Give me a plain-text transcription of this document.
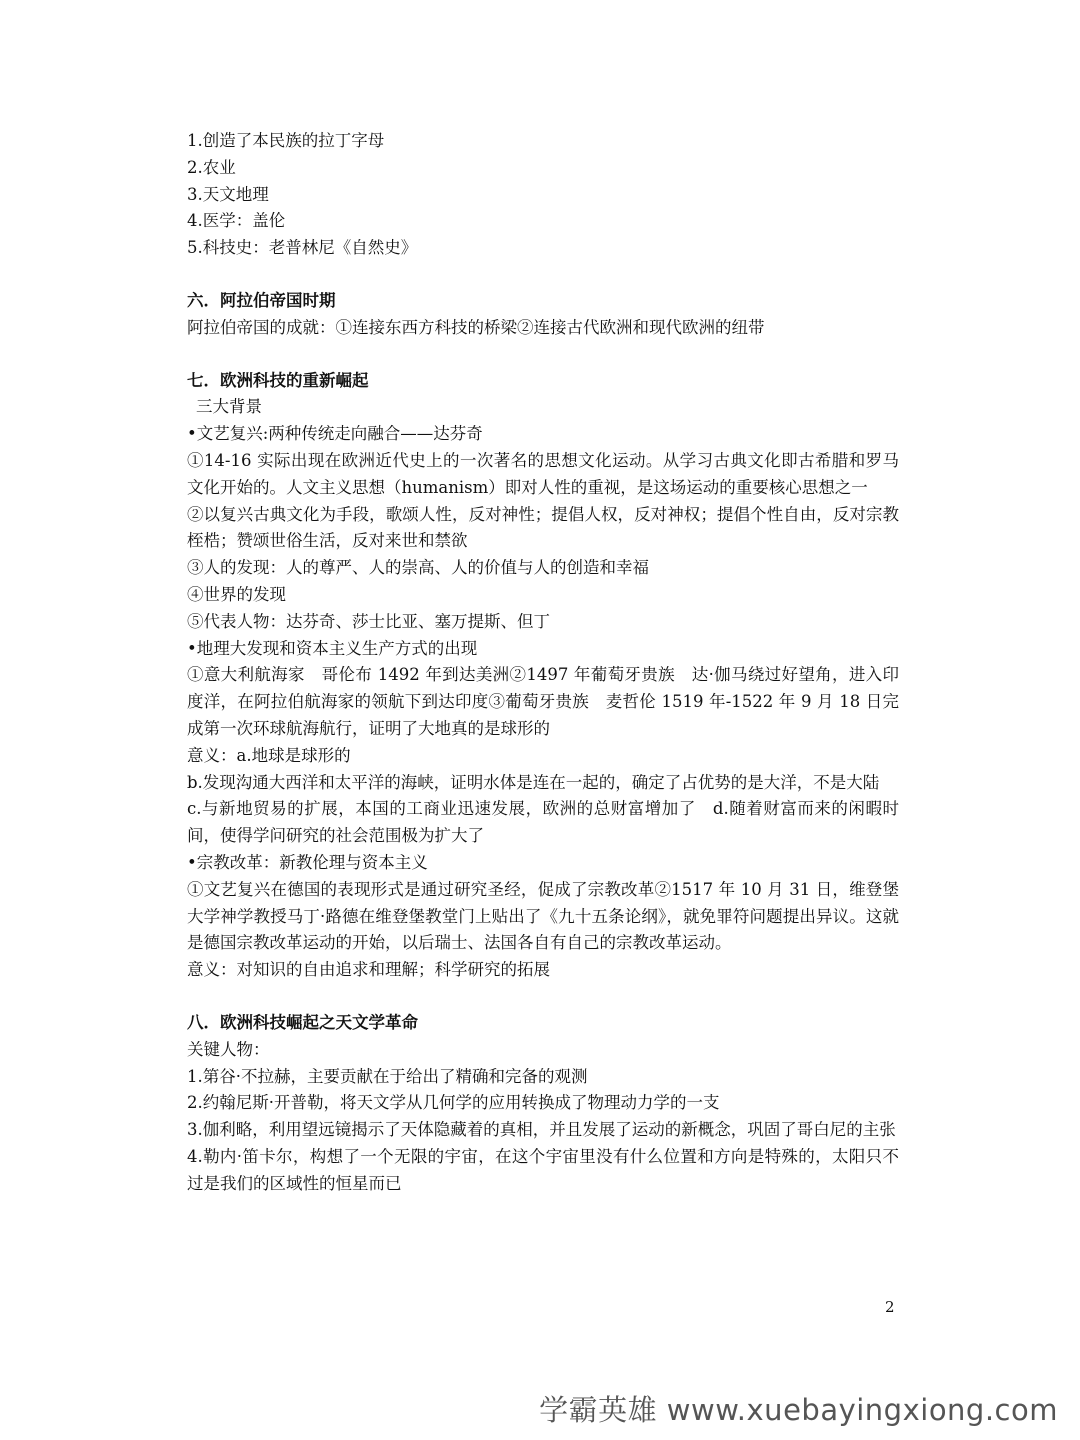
1.创造了本民族的拉丁字母
2.农业
3.天文地理
4.医学：盖伦
5.科技史：老普林尼《自然史》
六．阿拉伯帝国时期
阿拉伯帝国的成就：①连接东西方科技的桥梁②连接古代欧洲和现代欧洲的纽带
七．欧洲科技的重新崛起
三大背景
•文艺复兴:两种传统走向融合——达芬奇
①14-16 实际出现在欧洲近代史上的一次著名的思想文化运动。从学习古典文化即古希腊和罗马文化开始的。人文主义思想（humanism）即对人性的重视，是这场运动的重要核心思想之一
②以复兴古典文化为手段，歌颂人性，反对神性；提倡人权，反对神权；提倡个性自由，反对宗教桎梏；赞颂世俗生活，反对来世和禁欲
③人的发现：人的尊严、人的崇高、人的价值与人的创造和幸福
④世界的发现
⑤代表人物：达芬奇、莎士比亚、塞万提斯、但丁
•地理大发现和资本主义生产方式的出现
①意大利航海家　哥伦布 1492 年到达美洲②1497 年葡萄牙贵族　达·伽马绕过好望角，进入印度洋，在阿拉伯航海家的领航下到达印度③葡萄牙贵族　麦哲伦 1519 年-1522 年 9 月 18 日完成第一次环球航海航行，证明了大地真的是球形的
意义：a.地球是球形的
b.发现沟通大西洋和太平洋的海峡，证明水体是连在一起的，确定了占优势的是大洋，不是大陆
c.与新地贸易的扩展，本国的工商业迅速发展，欧洲的总财富增加了　d.随着财富而来的闲暇时间，使得学问研究的社会范围极为扩大了
•宗教改革：新教伦理与资本主义
①文艺复兴在德国的表现形式是通过研究圣经，促成了宗教改革②1517 年 10 月 31 日，维登堡大学神学教授马丁·路德在维登堡教堂门上贴出了《九十五条论纲》，就免罪符问题提出异议。这就是德国宗教改革运动的开始，以后瑞士、法国各自有自己的宗教改革运动。
意义：对知识的自由追求和理解；科学研究的拓展
八．欧洲科技崛起之天文学革命
关键人物：
1.第谷·不拉赫，主要贡献在于给出了精确和完备的观测
2.约翰尼斯·开普勒，将天文学从几何学的应用转换成了物理动力学的一支
3.伽利略，利用望远镜揭示了天体隐藏着的真相，并且发展了运动的新概念，巩固了哥白尼的主张
4.勒内·笛卡尔，构想了一个无限的宇宙，在这个宇宙里没有什么位置和方向是特殊的，太阳只不过是我们的区域性的恒星而已
2
学霸英雄 www.xuebayingxiong.com
